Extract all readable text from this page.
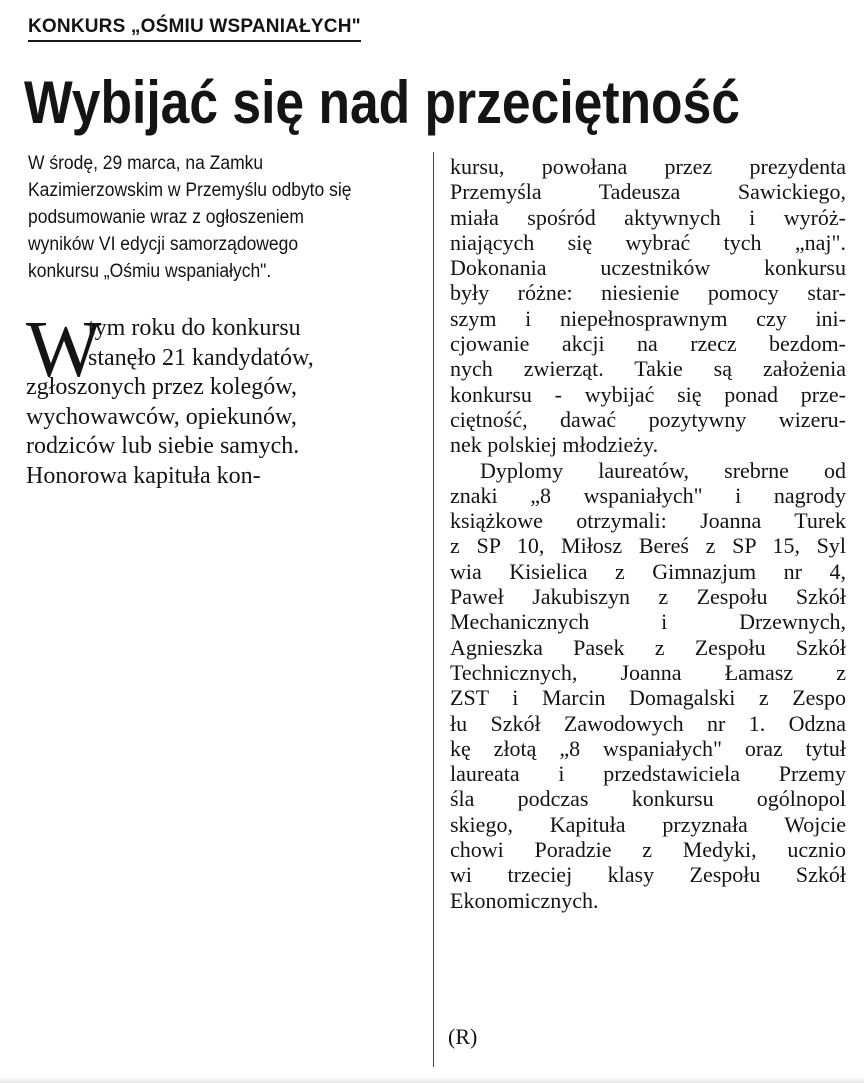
KONKURS „OŚMIU WSPANIAŁYCH"
Wybijać się nad przeciętność
W środę, 29 marca, na Zamku
Kazimierzowskim w Przemyślu odbyto się
podsumowanie wraz z ogłoszeniem
wyników VI edycji samorządowego
konkursu „Ośmiu wspaniałych".
W
tym roku do konkursu
stanęło 21 kandydatów,
zgłoszonych przez kolegów,
wychowawców, opiekunów,
rodziców lub siebie samych.
Honorowa kapituła kon-
kursu, powołana przez prezydenta
Przemyśla Tadeusza Sawickiego,
miała spośród aktywnych i wyróż-
niających się wybrać tych „naj".
Dokonania uczestników konkursu
były różne: niesienie pomocy star-
szym i niepełnosprawnym czy ini-
cjowanie akcji na rzecz bezdom-
nych zwierząt. Takie są założenia
konkursu - wybijać się ponad prze-
ciętność, dawać pozytywny wizeru-
nek polskiej młodzieży.
Dyplomy laureatów, srebrne od
znaki „8 wspaniałych" i nagrody
książkowe otrzymali: Joanna Turek
z SP 10, Miłosz Bereś z SP 15, Syl
wia Kisielica z Gimnazjum nr 4,
Paweł Jakubiszyn z Zespołu Szkół
Mechanicznych i Drzewnych,
Agnieszka Pasek z Zespołu Szkół
Technicznych, Joanna Łamasz z
ZST i Marcin Domagalski z Zespo
łu Szkół Zawodowych nr 1. Odzna
kę złotą „8 wspaniałych" oraz tytuł
laureata i przedstawiciela Przemy
śla podczas konkursu ogólnopol
skiego, Kapituła przyznała Wojcie
chowi Poradzie z Medyki, ucznio
wi trzeciej klasy Zespołu Szkół
Ekonomicznych.
(R)
